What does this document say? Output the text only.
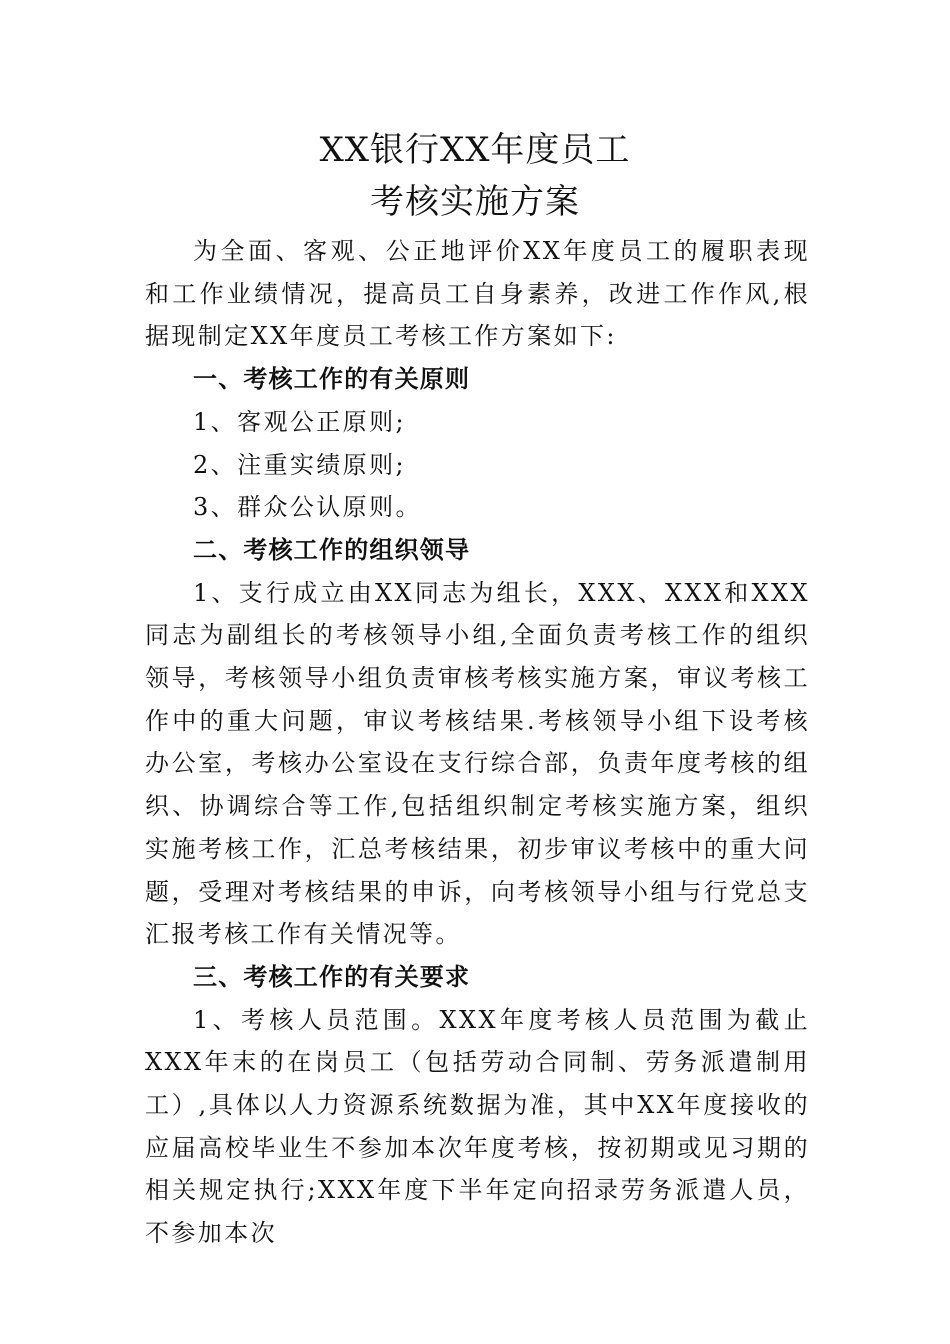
XX银行XX年度员工
考核实施方案

为全面、客观、公正地评价XX年度员工的履职表现和工作业绩情况，提高员工自身素养，改进工作作风,根据现制定XX年度员工考核工作方案如下:

一、考核工作的有关原则

1、客观公正原则;

2、注重实绩原则;

3、群众公认原则。

二、考核工作的组织领导

1、支行成立由XX同志为组长，XXX、XXX和XXX同志为副组长的考核领导小组,全面负责考核工作的组织领导，考核领导小组负责审核考核实施方案，审议考核工作中的重大问题，审议考核结果.考核领导小组下设考核办公室，考核办公室设在支行综合部，负责年度考核的组织、协调综合等工作,包括组织制定考核实施方案，组织实施考核工作，汇总考核结果，初步审议考核中的重大问题，受理对考核结果的申诉，向考核领导小组与行党总支汇报考核工作有关情况等。

三、考核工作的有关要求

1、考核人员范围。XXX年度考核人员范围为截止XXX年末的在岗员工（包括劳动合同制、劳务派遣制用工）,具体以人力资源系统数据为准，其中XX年度接收的应届高校毕业生不参加本次年度考核，按初期或见习期的相关规定执行;XXX年度下半年定向招录劳务派遣人员，不参加本次
